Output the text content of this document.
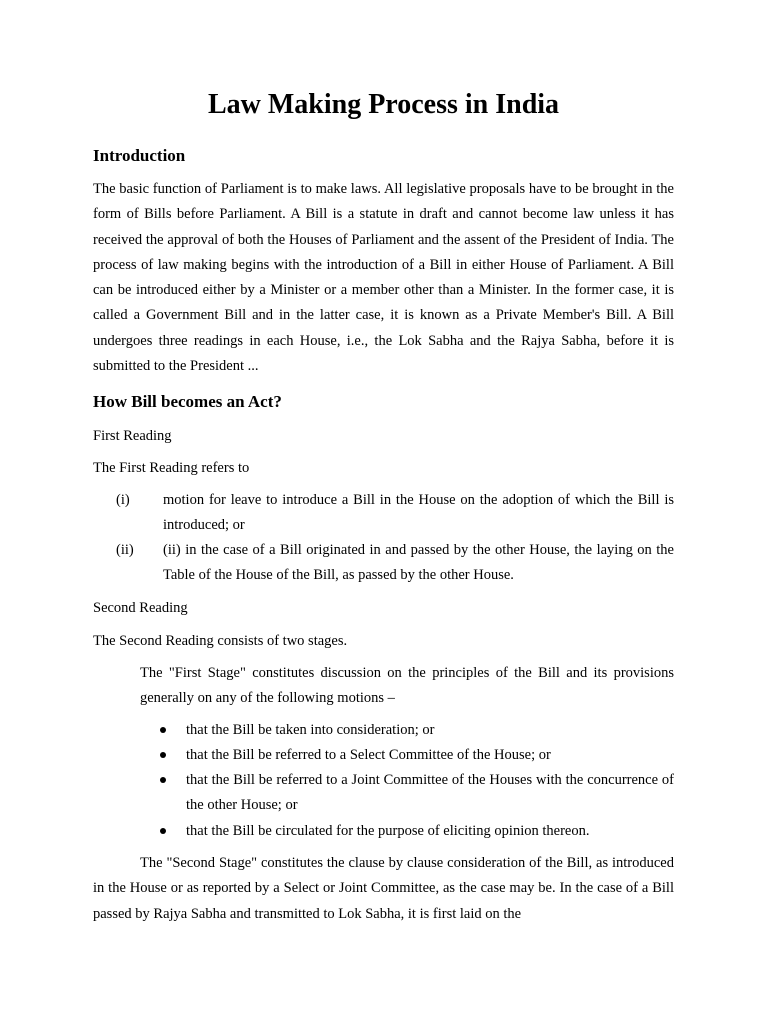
Law Making Process in India
Introduction

The basic function of Parliament is to make laws. All legislative proposals have to be brought in the form of Bills before Parliament. A Bill is a statute in draft and cannot become law unless it has received the approval of both the Houses of Parliament and the assent of the President of India. The process of law making begins with the introduction of a Bill in either House of Parliament. A Bill can be introduced either by a Minister or a member other than a Minister. In the former case, it is called a Government Bill and in the latter case, it is known as a Private Member's Bill. A Bill undergoes three readings in each House, i.e., the Lok Sabha and the Rajya Sabha, before it is submitted to the President ...

How Bill becomes an Act?

First Reading

The First Reading refers to

(i) motion for leave to introduce a Bill in the House on the adoption of which the Bill is introduced; or
(ii) (ii) in the case of a Bill originated in and passed by the other House, the laying on the Table of the House of the Bill, as passed by the other House.

Second Reading

The Second Reading consists of two stages.

The "First Stage" constitutes discussion on the principles of the Bill and its provisions generally on any of the following motions –

that the Bill be taken into consideration; or
that the Bill be referred to a Select Committee of the House; or
that the Bill be referred to a Joint Committee of the Houses with the concurrence of the other House; or
that the Bill be circulated for the purpose of eliciting opinion thereon.

The "Second Stage" constitutes the clause by clause consideration of the Bill, as introduced in the House or as reported by a Select or Joint Committee, as the case may be. In the case of a Bill passed by Rajya Sabha and transmitted to Lok Sabha, it is first laid on the
